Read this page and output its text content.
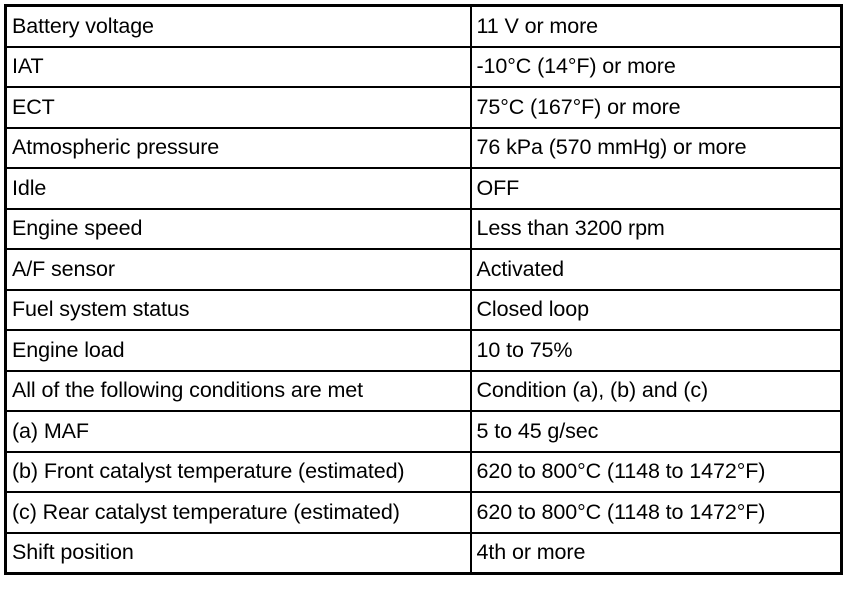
Battery voltage	11 V or more
IAT	-10°C (14°F) or more
ECT	75°C (167°F) or more
Atmospheric pressure	76 kPa (570 mmHg) or more
Idle	OFF
Engine speed	Less than 3200 rpm
A/F sensor	Activated
Fuel system status	Closed loop
Engine load	10 to 75%
All of the following conditions are met	Condition (a), (b) and (c)
(a) MAF	5 to 45 g/sec
(b) Front catalyst temperature (estimated)	620 to 800°C (1148 to 1472°F)
(c) Rear catalyst temperature (estimated)	620 to 800°C (1148 to 1472°F)
Shift position	4th or more
